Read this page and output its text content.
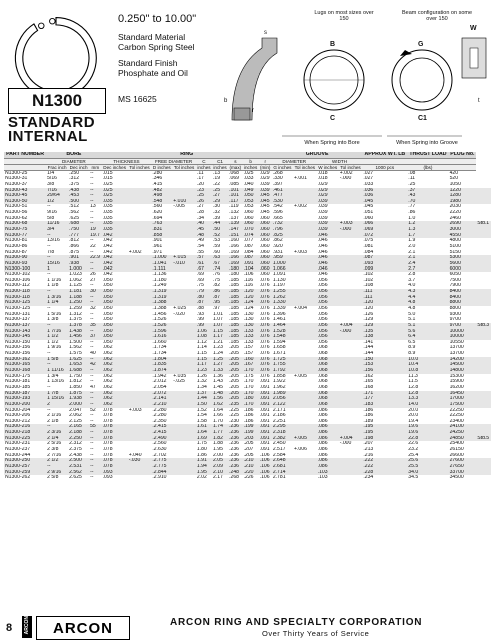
N1300
STANDARD
INTERNAL
0.250" to 10.00"
Standard Material
Carbon Spring Steel
Standard Finish
Phosphate and Oil
MS 16625
Lugs on most sizes over 150
Beam configuration on some over 150
B	G
W
C	C1
b	t
s
r
When Spring into Bore	When Spring into Groove
PART NUMBER	BORE			RING									GROOVE				APPROX WT. LB	THRUST LOAD	PLUG No.	
	DIAMETER			THICKNESS		FREE DIAMETER		C	C1	s	b	r	DIAMETER		WIDTH					
	Frac inch	Dec inch	mm	Dec inches	Tol inches	D inches	Tol inches	inches	inches	(max)	inches	(min)	G inches	Tol inches	W inches	Tol inches	1000 pcs	(lbs)		
N1300-25	1/4	.250	--	.015		.280		.11	.13	.068	.025	.029	.268		.018	+.002	.027	.08	420	
N1300-31	5/16	.312	--	.015		.346		.17	.19	.069	.033	.029	.330	+.001	.018	-.000	.027	.11	520	
N1300-37	3/8	.375	--	.025		.415		.20	.22	.085	.040	.039	.397		.029		.033	.25	1050	
N1300-43	7/16	.438	--	.025		.482		.23	.25	.101	.049	.039	.461		.029		.036	.37	1220	
N1300-45	29/64	.453	--	.025		.498		.25	.27	.101	.050	.045	.477		.029		.036	.43	1280	
N1300-50	1/2	.500	--	.035		.548	+.010	.26	.29	.117	.053	.045	.530		.039		.045	.70	1980	
N1300-51	--	.512	13	.035		.560	-.005	.27	.30	.119	.053	.045	.542	+.002	.039		.045	.77	2030	
N1300-56	9/16	.562	--	.035		.620		.28	.32	.132	.060	.045	.596		.039		.051	.86	2220	
N1300-62	5/8	.625	--	.035		.694		.34	.39	.137	.060	.060	.665		.039		.060	1.0	2460	
N1300-68	11/16	.688	--	.035		.763		.40	.44	.139	.060	.060	.732		.039	+.003	.066	1.2	2690	Std.1
N1300-75	3/4	.750	19	.035		.831		.45	.50	.147	.070	.060	.796		.039	-.000	.069	1.3	3000	
N1300-77	--	.777	19.7	.042		.858		.48	.52	.151	.074	.060	.825		.046		.072	1.7	4550	
N1300-81	13/16	.812	--	.042		.901		.49	.53	.160	.077	.060	.862		.046		.075	1.9	4800	
N1300-86	--	.866	22	.042		.961		.54	.59	.166	.087	.060	.920		.046		.081	2.0	5100	
N1300-87	7/8	.875	--	.042	+.002	.971		.55	.60	.169	.084	.060	.931	+.003	.046		.084	2.1	5150	
N1300-90	--	.901	22.9	.042		.1.000	+.015	.57	.63	.166	.087	.060	.959		.046		.087	2.1	5300	
N1300-93	15/16	.938	--	.042		.1.041	-.010	.61	.67	.169	.091	.060	1.000		.046		.093	2.4	5600	
N1300-100	1	1.000	--	.042		.1.111		.67	.74	.180	.104	.060	1.066		.046		.099	2.7	6000	
N1300-102	--	1.023	26	.042		.1.136		.69	.76	.180	.106	.060	1.091		.046		.102	2.8	6050	
N1300-106	1 1/16	1.062	27	.050		.1.180		.69	.75	.185	.116	.076	1.130		.056		.102	3.7	7500	
N1300-112	1 1/8	1.125	--	.050		.1.249		.75	.82	.185	.116	.076	1.197		.056		.108	4.0	7900	
N1300-118	--	1.181	30	.050		.1.319		.79	.86	.185	.120	.076	1.255		.056		.111	4.3	8400	
N1300-118	1 3/16	1.188	--	.050		.1.319		.80	.87	.185	.120	.076	1.262		.056		.111	4.4	8400	
N1300-125	1 1/4	1.250	--	.050		.1.388		.87	.95	.185	.124	.076	1.330		.056		.120	4.8	8800	
N1300-125	--	1.259	32	.050		.1.388	+.025	.88	.97	.185	.124	.076	1.339	+.004	.056		.120	4.8	8800	
N1300-131	1 5/16	1.312	--	.050		.1.456	-.020	.93	1.01	.185	.130	.076	1.396		.056		.126	5.0	9300	
N1300-137	1 3/8	1.375	--	.050		.1.526		.99	1.07	.185	.130	.076	1.461		.056		.129	5.1	9700	
N1300-137	--	1.378	35	.050		.1.526		.99	1.07	.185	.130	.076	1.464		.056	+.004	.129	5.1	9700	Std.3
N1300-143	1 7/16	1.438	--	.050		.1.596		1.06	1.15	.185	.133	.076	1.528		.056	-.000	.135	5.6	10000	
N1300-145	1 1/2	1.456	37	.050		.1.616		1.08	1.17	.185	.133	.076	1.548		.056		.138	6.4	10000	
N1300-150	1 1/2	1.500	--	.050		.1.660		1.12	1.21	.185	.133	.076	1.594		.056		.141	6.5	10550	
N1300-156	1 9/16	1.562	--	.062		.1.734		1.14	1.23	.205	.157	.076	1.658		.068		.144	8.9	13700	
N1300-156	--	1.575	40	.062		.1.734		1.15	1.24	.205	.157	.076	1.671		.068		.144	8.9	13700	
N1300-162	1 5/8	1.625	--	.062		.1.804		1.15	1.25	.205	.160	.076	1.725		.068		.150	10.0	14200	
N1300-165	--	1.653	42	.062		.1.835		1.17	1.27	.205	.167	.076	1.755		.068		.153	10.4	14500	
N1300-168	1 11/16	1.688	--	.062		.1.874		1.23	1.33	.205	.170	.076	1.792		.068		.156	10.8	14800	
N1300-175	1 3/4	1.750	--	.062		.1.942	+.035	1.26	1.36	.205	.175	.076	1.858	+.005	.068		.162	11.3	15300	
N1300-181	1 13/16	1.812	--	.062		.2.012	-.025	1.32	1.43	.205	.170	.091	1.922		.068		.165	11.5	15900	
N1300-185	--	1.850	47	.062		.2.054		1.34	1.45	.205	.170	.091	1.962		.068		.168	12.8	16200	
N1300-187	1 7/8	1.875	--	.062		.2.072		1.37	1.48	.205	.170	.091	1.989		.068		.171	12.8	16450	
N1300-193	1 15/16	1.938	--	.062		.2.141		1.44	1.56	.205	.180	.091	2.056		.068		.177	13.3	17000	
N1300-200	2	2.000	--	.062		.2.210		1.50	1.62	.235	.170	.091	2.122		.068		.183	14.0	17500	
N1300-204	--	2.047	52	.078	+.003	.2.280		1.52	1.64	.225	.186	.091	2.171		.086		.186	20.0	22250	
N1300-206	2 1/16	2.062	--	.078		.2.280		1.54	1.66	.225	.186	.091	2.186		.086		.186	20.0	22250	
N1300-212	2 1/8	2.125	--	.078		.2.350		1.58	1.70	.230	.186	.091	2.251		.086		.189	19.4	23400	
N1300-216	--	2.165	55	.078		.2.415		1.61	1.74	.236	.199	.091	2.295		.086		.195	19.6	24100	
N1300-218	2 3/16	2.188	--	.078		.2.415		1.64	1.77	.236	.199	.091	2.318		.086		.195	19.6	24250	
N1300-225	2 1/4	2.250	--	.078		.2.490		1.69	1.82	.236	.203	.091	2.382	+.005	.086	+.004	.198	22.8	24850	Std.5
N1300-231	2 5/16	2.312	--	.078		.2.560		1.75	1.88	.236	.205	.091	2.450		.086	-.000	.207	22.6	25400	
N1300-237	2 3/8	2.375	--	.078		.2.630		1.80	1.95	.236	.207	.091	2.517	+.006	.086		.213	23.2	26150	
N1300-244	2 7/16	2.438	--	.078	+.040	.2.702		1.86	2.00	.236	.205	.106	2.584		.086		.216	25.4	26600	
N1300-250	2 1/2	2.500	--	.078	-.030	.2.775		1.91	2.05	.236	.210	.106	2.648		.086		.222	25.6	27600	
N1300-257	--	2.531	--	.078		.2.775		1.94	2.09	.236	.210	.106	2.681		.086		.222	25.5	27650	
N1300-259	2 9/16	2.562	--	.093		.2.844		1.95	2.10	.248	.220	.106	2.714		.103		.228	34.0	33700	
N1300-262	2 5/8	2.625	--	.093		.2.910		2.02	2.17	.268	.226	.106	2.781		.103		.234	34.5	34500	
8	ARCON ARCON	ARCON RING AND SPECIALTY CORPORATION
Over Thirty Years of Service
